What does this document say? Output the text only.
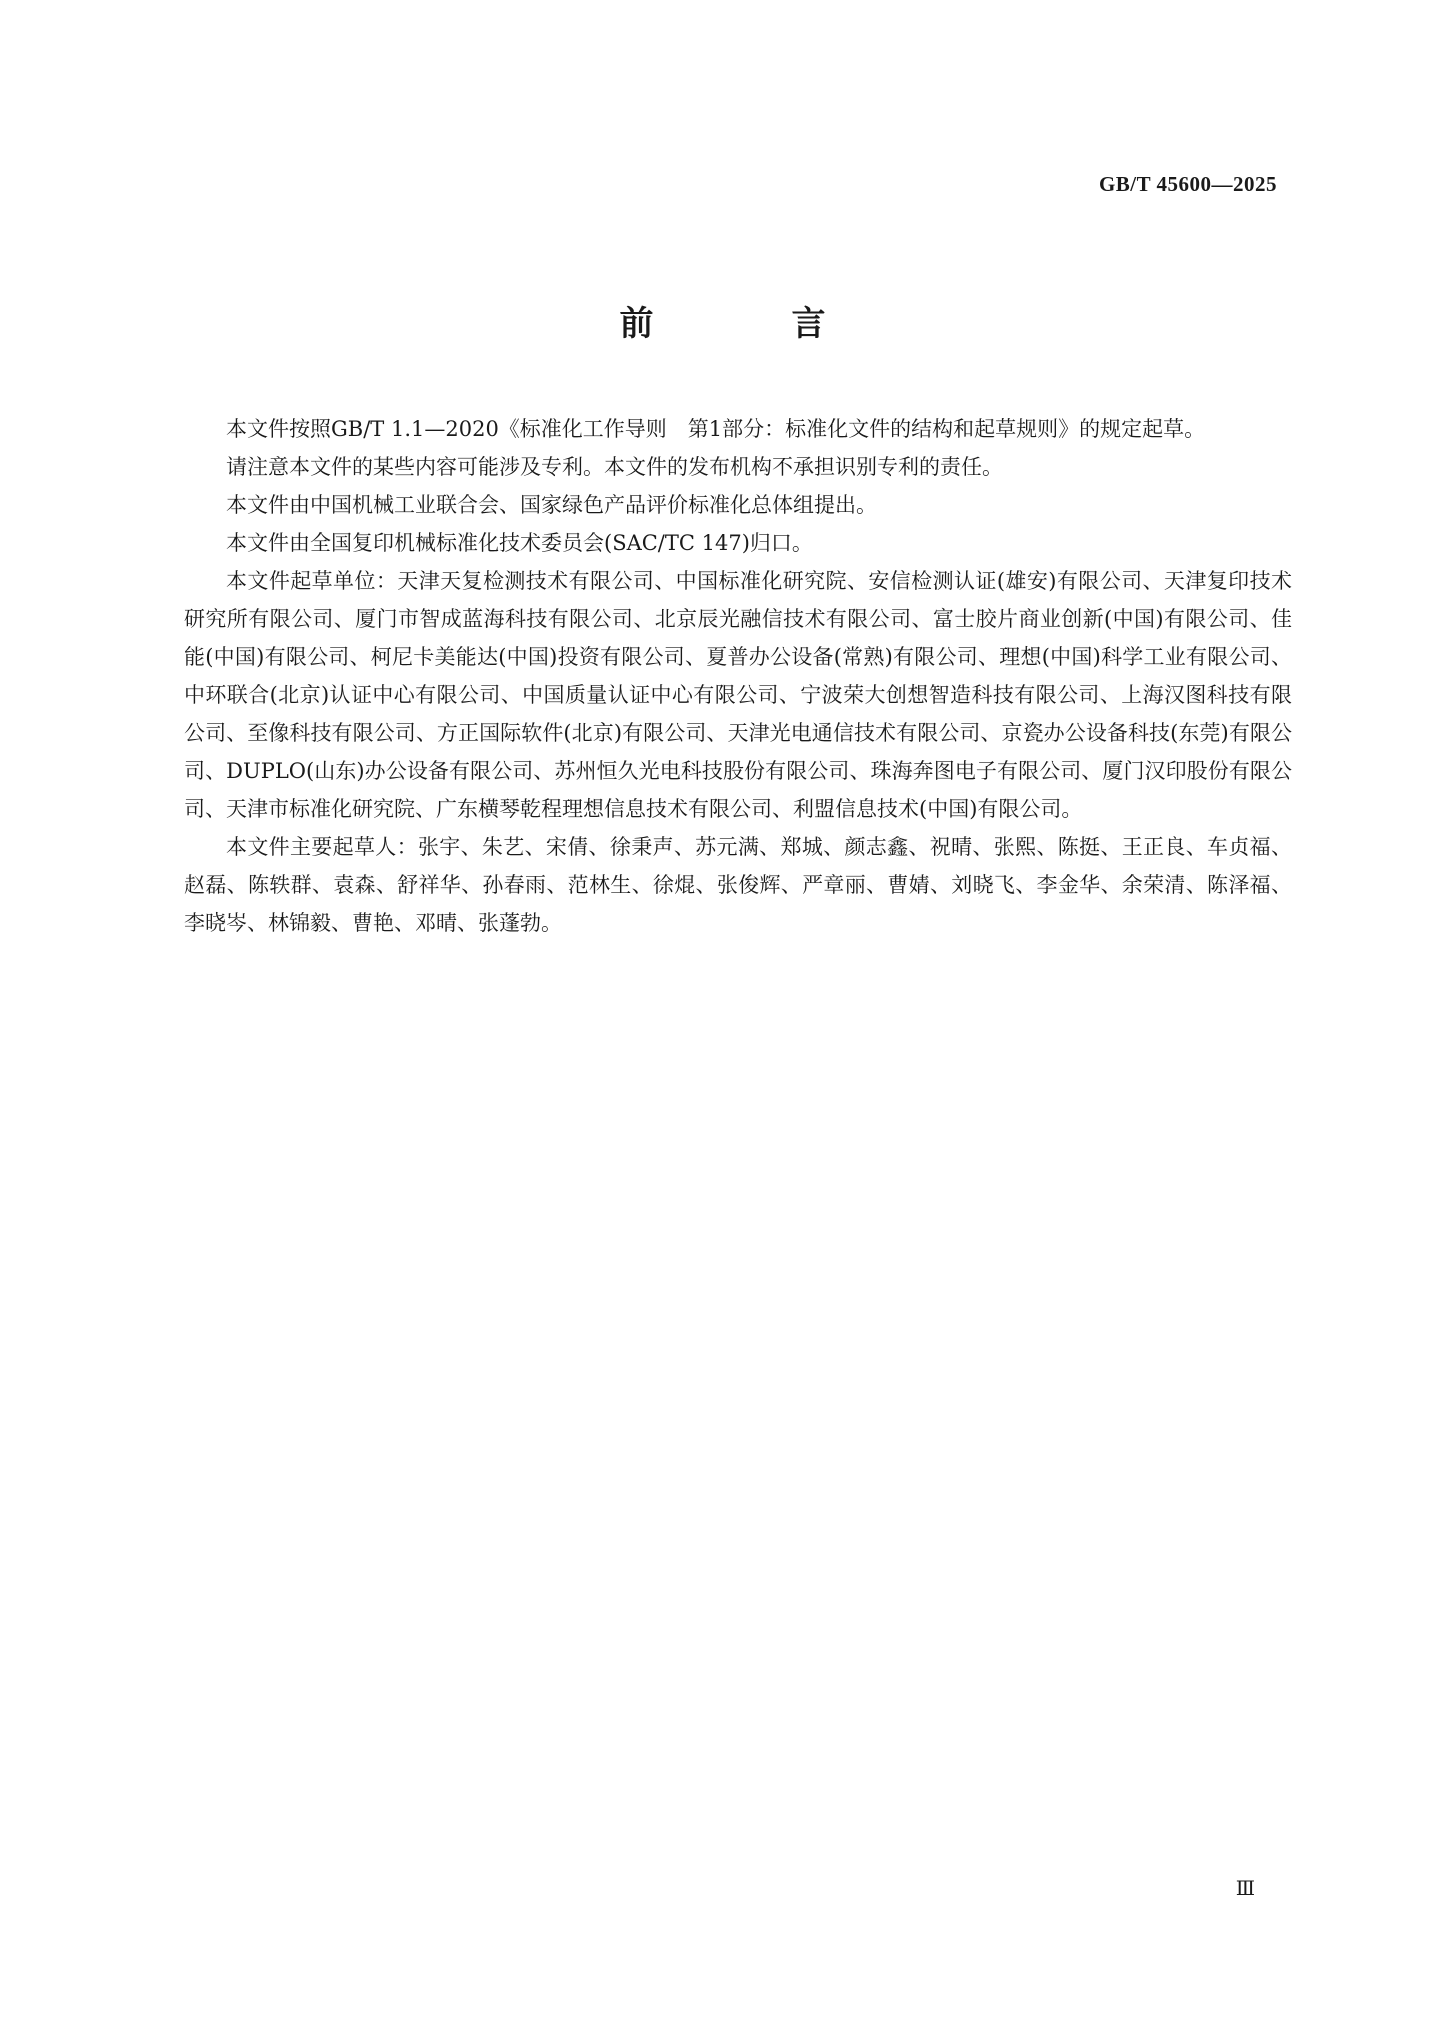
GB/T 45600—2025
前　言

本文件按照GB/T 1.1—2020《标准化工作导则　第1部分：标准化文件的结构和起草规则》的规定起草。

请注意本文件的某些内容可能涉及专利。本文件的发布机构不承担识别专利的责任。

本文件由中国机械工业联合会、国家绿色产品评价标准化总体组提出。

本文件由全国复印机械标准化技术委员会(SAC/TC 147)归口。

本文件起草单位：天津天复检测技术有限公司、中国标准化研究院、安信检测认证(雄安)有限公司、天津复印技术研究所有限公司、厦门市智成蓝海科技有限公司、北京辰光融信技术有限公司、富士胶片商业创新(中国)有限公司、佳能(中国)有限公司、柯尼卡美能达(中国)投资有限公司、夏普办公设备(常熟)有限公司、理想(中国)科学工业有限公司、中环联合(北京)认证中心有限公司、中国质量认证中心有限公司、宁波荣大创想智造科技有限公司、上海汉图科技有限公司、至像科技有限公司、方正国际软件(北京)有限公司、天津光电通信技术有限公司、京瓷办公设备科技(东莞)有限公司、DUPLO(山东)办公设备有限公司、苏州恒久光电科技股份有限公司、珠海奔图电子有限公司、厦门汉印股份有限公司、天津市标准化研究院、广东横琴乾程理想信息技术有限公司、利盟信息技术(中国)有限公司。

本文件主要起草人：张宇、朱艺、宋倩、徐秉声、苏元满、郑城、颜志鑫、祝晴、张熙、陈挺、王正良、车贞福、赵磊、陈轶群、袁森、舒祥华、孙春雨、范林生、徐焜、张俊辉、严章丽、曹婧、刘晓飞、李金华、余荣清、陈泽福、李晓岑、林锦毅、曹艳、邓晴、张蓬勃。

Ⅲ
